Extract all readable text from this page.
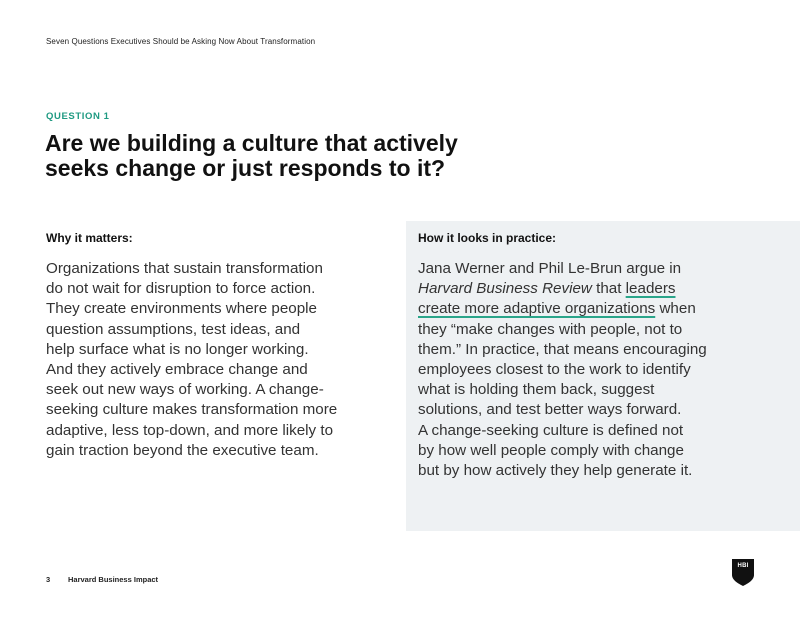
Seven Questions Executives Should be Asking Now About Transformation
QUESTION 1
Are we building a culture that actively
seeks change or just responds to it?

Why it matters:

Organizations that sustain transformation
do not wait for disruption to force action.
They create environments where people
question assumptions, test ideas, and
help surface what is no longer working.
And they actively embrace change and
seek out new ways of working. A change-
seeking culture makes transformation more
adaptive, less top-down, and more likely to
gain traction beyond the executive team.

How it looks in practice:

Jana Werner and Phil Le-Brun argue in
Harvard Business Review that leaders
create more adaptive organizations when
they “make changes with people, not to
them.” In practice, that means encouraging
employees closest to the work to identify
what is holding them back, suggest
solutions, and test better ways forward.
A change-seeking culture is defined not
by how well people comply with change
but by how actively they help generate it.

3 Harvard Business Impact
HBI
